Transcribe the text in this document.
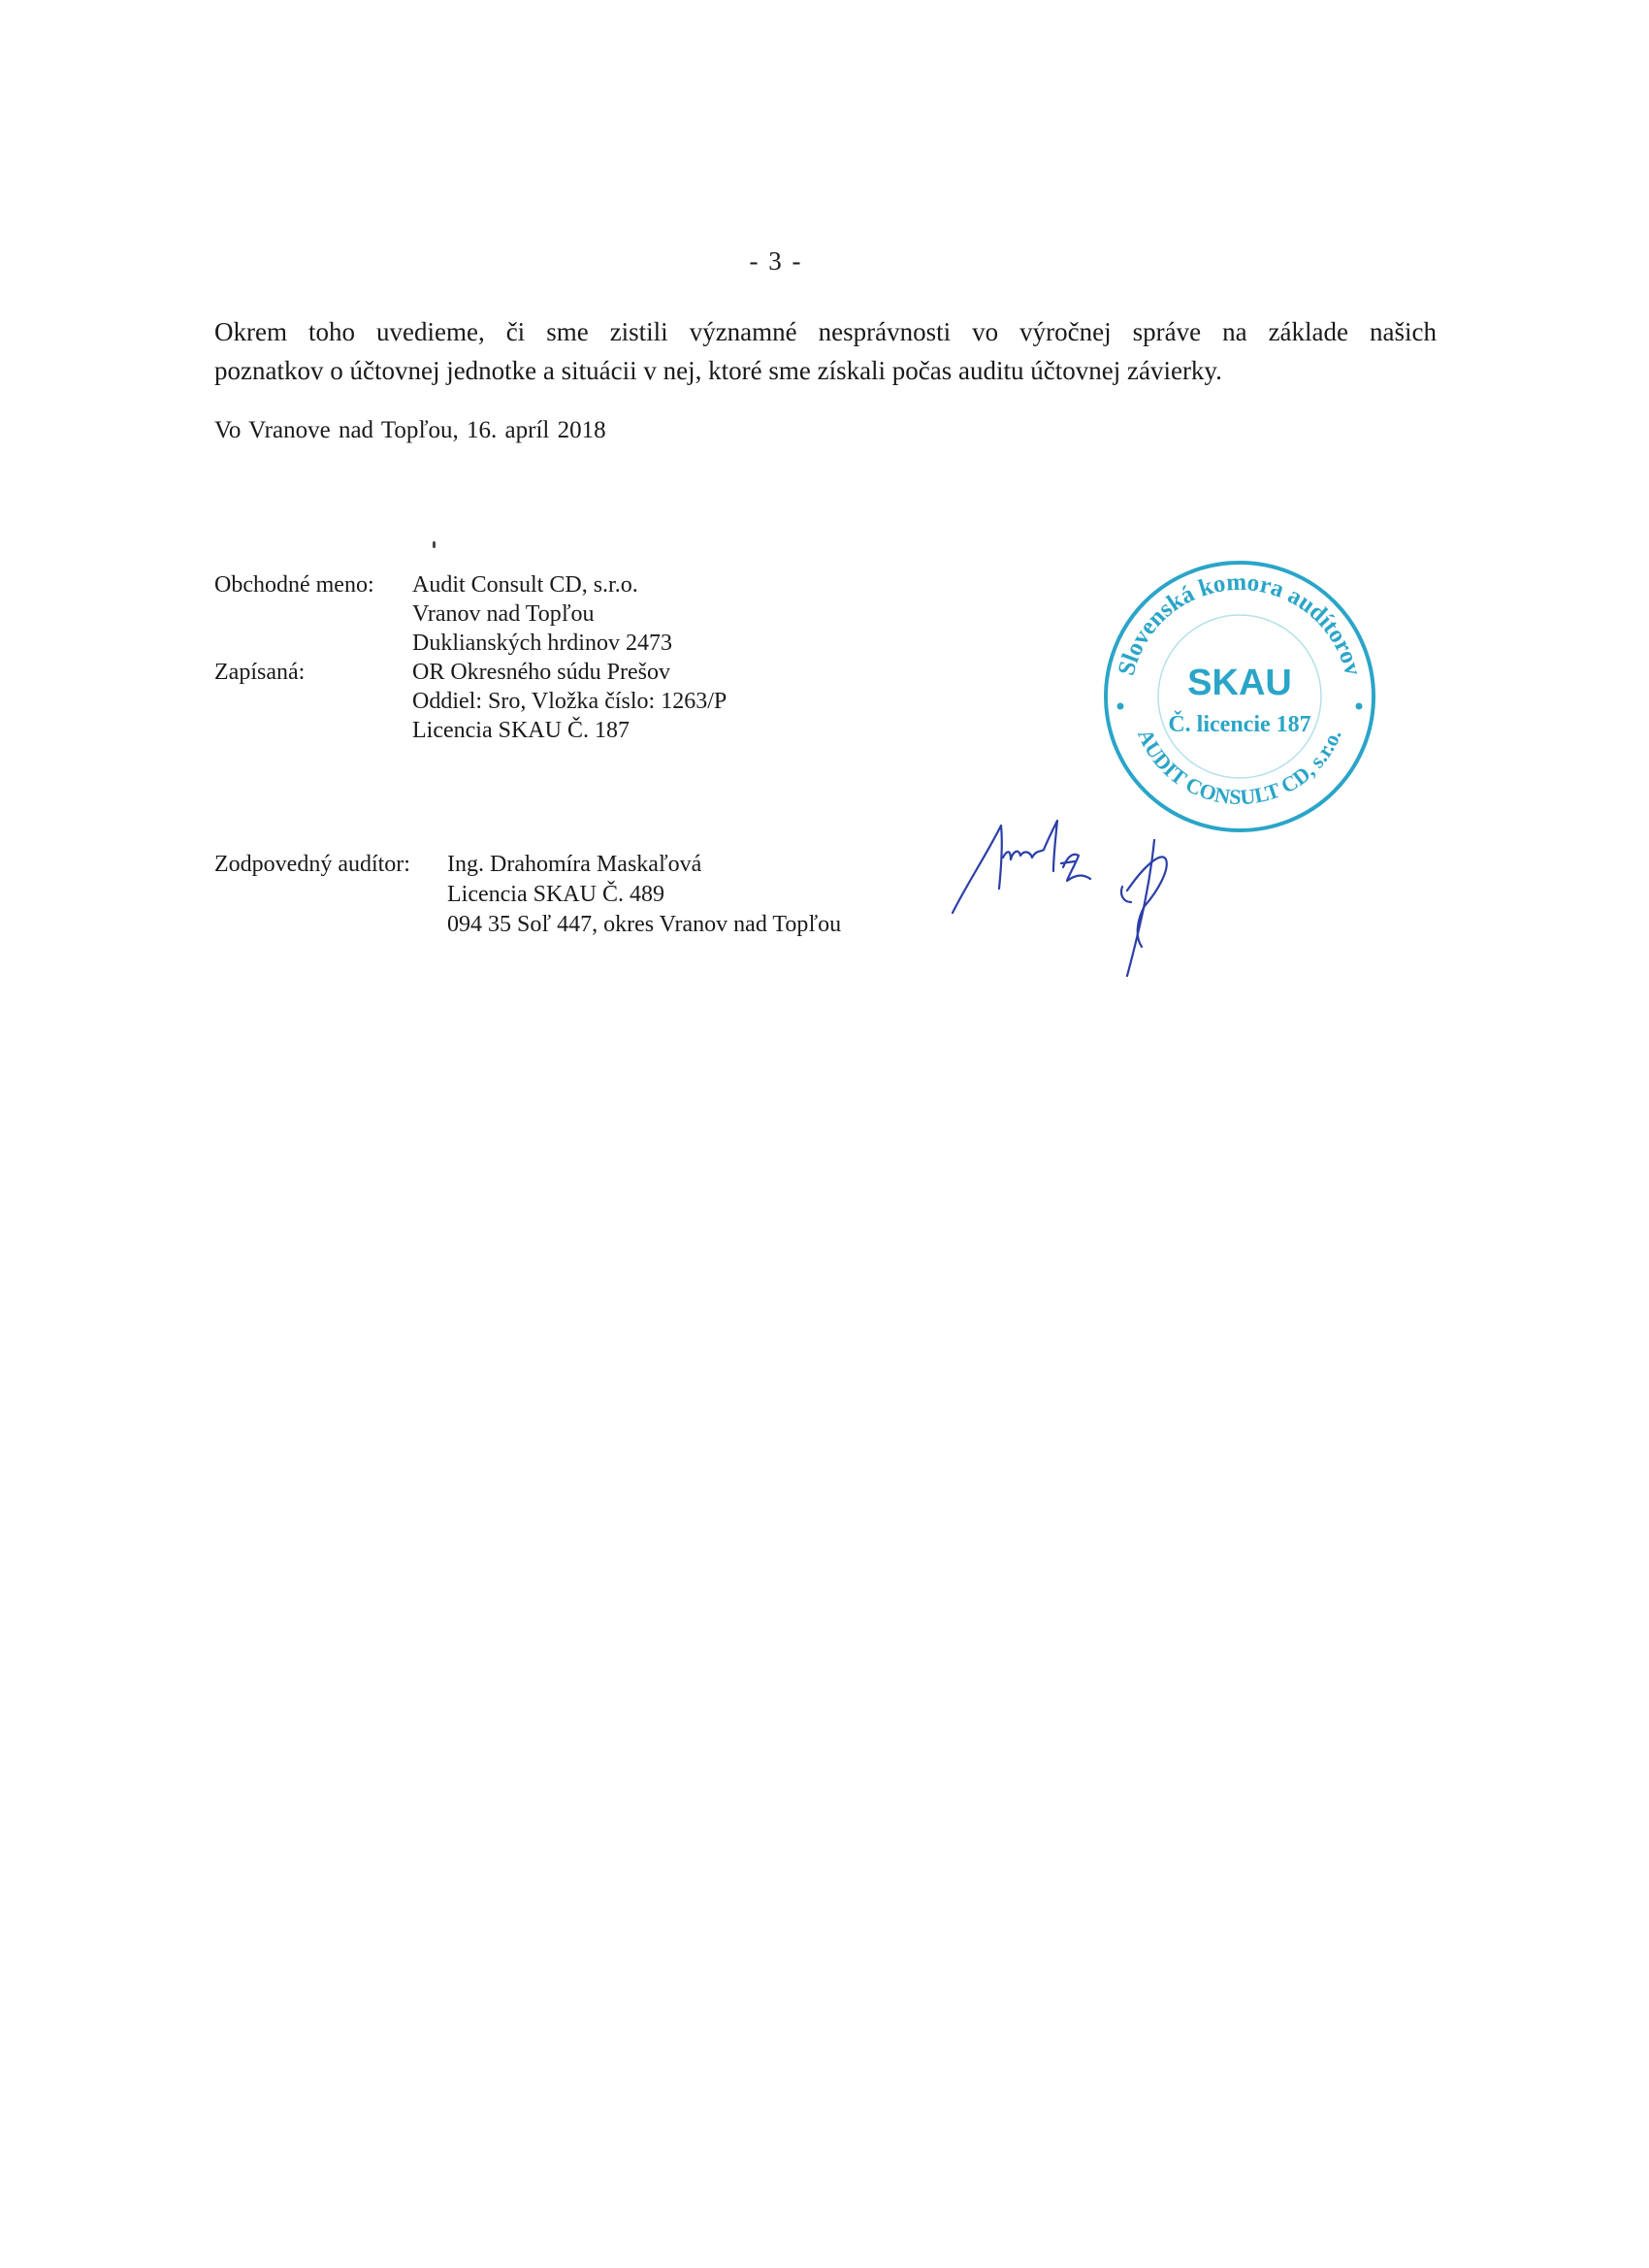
- 3 -
Okrem toho uvedieme, či sme zistili významné nesprávnosti vo výročnej správe na základe našich
poznatkov o účtovnej jednotke a situácii v nej, ktoré sme získali počas auditu účtovnej závierky.
Vo Vranove nad Topľou, 16. apríl 2018
Obchodné meno:	Audit Consult CD, s.r.o.
Vranov nad Topľou
Duklianských hrdinov 2473
Zapísaná:	OR Okresného súdu Prešov
Oddiel: Sro, Vložka číslo: 1263/P
Licencia SKAU Č. 187
Zodpovedný audítor:	Ing. Drahomíra Maskaľová
Licencia SKAU Č. 489
094 35 Soľ 447, okres Vranov nad Topľou
Slovenská komora audítorov
AUDIT CONSULT CD, s.r.o.
SKAU
Č. licencie 187
